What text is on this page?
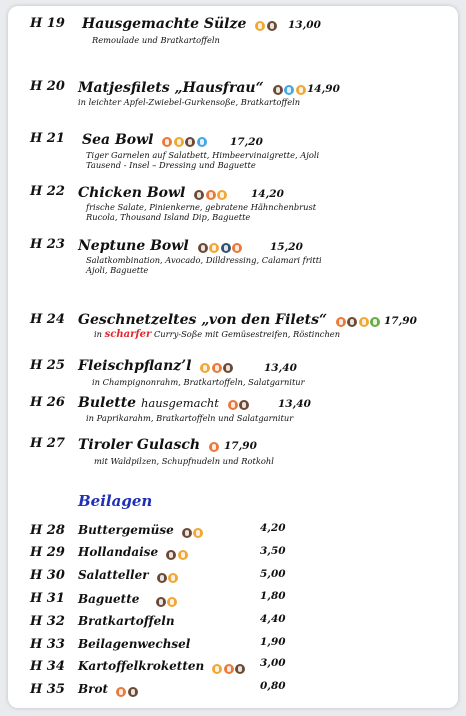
H 19 Hausgemachte Sülze	13,00
Remoulade und Bratkartoffeln
H 20 Matjesfilets „Hausfrau“	14,90
in leichter Apfel-Zwiebel-Gurkensoße, Bratkartoffeln
H 21 Sea Bowl	17,20
Tiger Garnelen auf Salatbett, Himbeervinaigrette, Ajoli
Tausend - Insel – Dressing und Baguette
H 22 Chicken Bowl	14,20
frische Salate, Pinienkerne, gebratene Hähnchenbrust
Rucola, Thousand Island Dip, Baguette
H 23 Neptune Bowl	15,20
Salatkombination, Avocado, Dilldressing, Calamari fritti
Ajoli, Baguette
H 24 Geschnetzeltes „von den Filets“	17,90
in scharfer Curry-Soße mit Gemüsestreifen, Röstinchen
H 25 Fleischpflanz’l	13,40
in Champignonrahm, Bratkartoffeln, Salatgarnitur
H 26 Bulette hausgemacht	13,40
in Paprikarahm, Bratkartoffeln und Salatgarnitur
H 27 Tiroler Gulasch	17,90
mit Waldpilzen, Schupfnudeln und Rotkohl
Beilagen
H 28 Buttergemüse	4,20
H 29 Hollandaise	3,50
H 30 Salatteller	5,00
H 31 Baguette	1,80
H 32 Bratkartoffeln	4,40
H 33 Beilagenwechsel	1,90
H 34 Kartoffelkroketten	3,00
H 35 Brot	0,80
